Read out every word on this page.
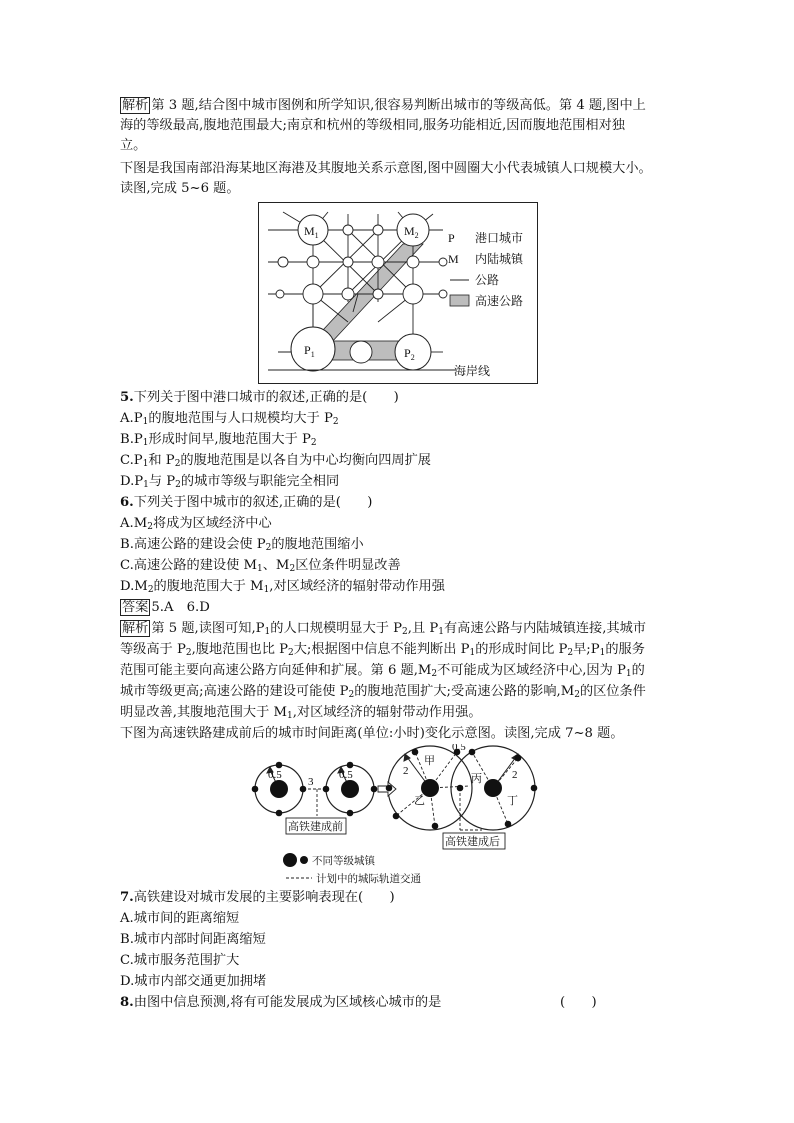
解析 第 3 题,结合图中城市图例和所学知识,很容易判断出城市的等级高低。第 4 题,图中上
海的等级最高,腹地范围最大;南京和杭州的等级相同,服务功能相近,因而腹地范围相对独
立。
下图是我国南部沿海某地区海港及其腹地关系示意图,图中圆圈大小代表城镇人口规模大小。
读图,完成 5~6 题。
$M_1$	$M_2$
$P_1$	$P_2$
P 港口城市
M 内陆城镇
公路
高速公路
海岸线
5.下列关于图中港口城市的叙述,正确的是(　　)
$A.P_1$的腹地范围与人口规模均大于 $P_2$
$B.P_1$形成时间早,腹地范围大于 $P_2$
$C.P_1$和 $P_2$的腹地范围是以各自为中心均衡向四周扩展
$D.P_1$与 $P_2$的城市等级与职能完全相同
6.下列关于图中城市的叙述,正确的是(　　)
$A.M_2$将成为区域经济中心
B.高速公路的建设会使 $P_2$的腹地范围缩小
C.高速公路的建设使 $M_1$、$M_2$区位条件明显改善
$D.M_2$的腹地范围大于 $M_1$,对区域经济的辐射带动作用强
答案 5.A　6.D
解析 第 5 题,读图可知$,P_1$的人口规模明显大于 $P_2$,且 $P_1$有高速公路与内陆城镇连接,其城市
等级高于 $P_2$,腹地范围也比 $P_2$大;根据图中信息不能判断出 $P_1$的形成时间比 $P_2$早$;P_1$的服务
范围可能主要向高速公路方向延伸和扩展。第 6 题$,M_2$不可能成为区域经济中心,因为 $P_1$的
城市等级更高;高速公路的建设可能使 $P_2$的腹地范围扩大;受高速公路的影响$,M_2$的区位条件
明显改善,其腹地范围大于 $M_1$,对区域经济的辐射带动作用强。
下图为高速铁路建成前后的城市时间距离(单位:小时)变化示意图。读图,完成 7~8 题。
0.5	0.5
3
2	2
0.5
甲
乙
丙
丁
高铁建成前
高铁建成后
不同等级城镇
计划中的城际轨道交通
7.高铁建设对城市发展的主要影响表现在(　　)
A.城市间的距离缩短
B.城市内部时间距离缩短
C.城市服务范围扩大
D.城市内部交通更加拥堵
8.由图中信息预测,将有可能发展成为区域核心城市的是	(　　)
